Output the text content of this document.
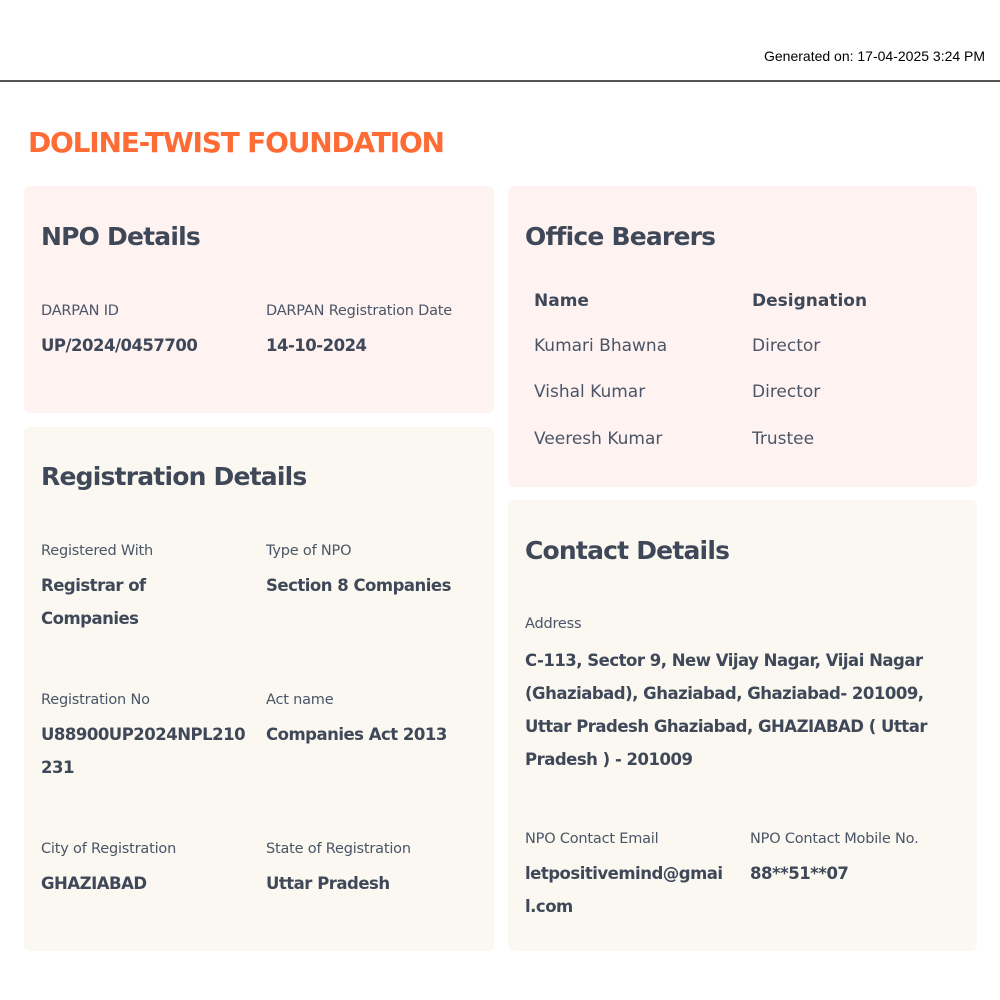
Generated on: 17-04-2025 3:24 PM
DOLINE-TWIST FOUNDATION
NPO Details
DARPAN ID
UP/2024/0457700
DARPAN Registration Date
14-10-2024
Registration Details
Registered With
Registrar of Companies
Type of NPO
Section 8 Companies
Registration No
U88900UP2024NPL210231
Act name
Companies Act 2013
City of Registration
GHAZIABAD
State of Registration
Uttar Pradesh
Office Bearers
Name	Designation
Kumari Bhawna	Director
Vishal Kumar	Director
Veeresh Kumar	Trustee
Contact Details
Address
C-113, Sector 9, New Vijay Nagar, Vijai Nagar (Ghaziabad), Ghaziabad, Ghaziabad- 201009, Uttar Pradesh Ghaziabad, GHAZIABAD ( Uttar Pradesh ) - 201009
NPO Contact Email
letpositivemind@gmail.com
NPO Contact Mobile No.
88**51**07
